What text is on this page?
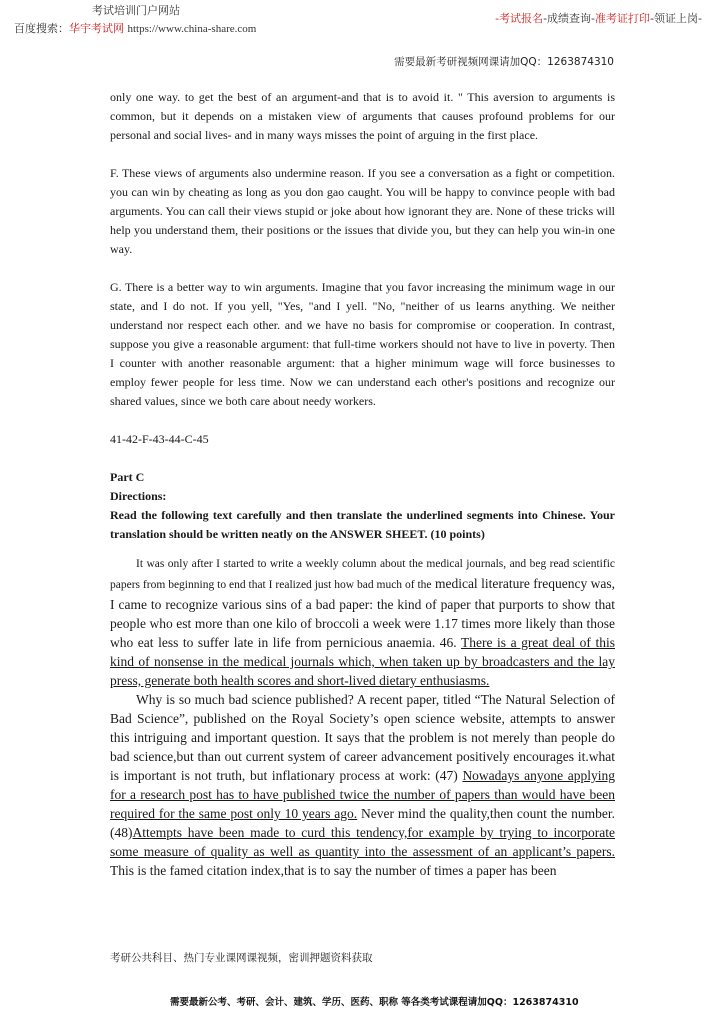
考试培训门户网站
百度搜索：华宇考试网 https://www.china-share.com
-考试报名-成绩查询-准考证打印-领证上岗-
需要最新考研视频网课请加QQ：1263874310

only one way. to get the best of an argument-and that is to avoid it. " This aversion to arguments is common, but it depends on a mistaken view of arguments that causes profound problems for our personal and social lives- and in many ways misses the point of arguing in the first place.

F. These views of arguments also undermine reason. If you see a conversation as a fight or competition. you can win by cheating as long as you don gao caught. You will be happy to convince people with bad arguments. You can call their views stupid or joke about how ignorant they are. None of these tricks will help you understand them, their positions or the issues that divide you, but they can help you win-in one way.

G. There is a better way to win arguments. Imagine that you favor increasing the minimum wage in our state, and I do not. If you yell, "Yes, "and I yell. "No, "neither of us learns anything. We neither understand nor respect each other. and we have no basis for compromise or cooperation. In contrast, suppose you give a reasonable argument: that full-time workers should not have to live in poverty. Then I counter with another reasonable argument: that a higher minimum wage will force businesses to employ fewer people for less time. Now we can understand each other's positions and recognize our shared values, since we both care about needy workers.

41-42-F-43-44-C-45

Part C

Directions:

Read the following text carefully and then translate the underlined segments into Chinese. Your translation should be written neatly on the ANSWER SHEET. (10 points)

It was only after I started to write a weekly column about the medical journals, and beg read scientific papers from beginning to end that I realized just how bad much of the medical literature frequency was, I came to recognize various sins of a bad paper: the kind of paper that purports to show that people who est more than one kilo of broccoli a week were 1.17 times more likely than those who eat less to suffer late in life from pernicious anaemia. 46. There is a great deal of this kind of nonsense in the medical journals which, when taken up by broadcasters and the lay press, generate both health scores and short-lived dietary enthusiasms.

Why is so much bad science published? A recent paper, titled “The Natural Selection of Bad Science”, published on the Royal Society’s open science website, attempts to answer this intriguing and important question. It says that the problem is not merely than people do bad science,but than out current system of career advancement positively encourages it.what is important is not truth, but inflationary process at work: (47) Nowadays anyone applying for a research post has to have published twice the number of papers than would have been required for the same post only 10 years ago. Never mind the quality,then count the number. (48)Attempts have been made to curd this tendency,for example by trying to incorporate some measure of quality as well as quantity into the assessment of an applicant’s papers. This is the famed citation index,that is to say the number of times a paper has been

考研公共科目、热门专业课网课视频，密训押题资料获取
需要最新公考、考研、会计、建筑、学历、医药、职称 等各类考试课程请加QQ：1263874310
